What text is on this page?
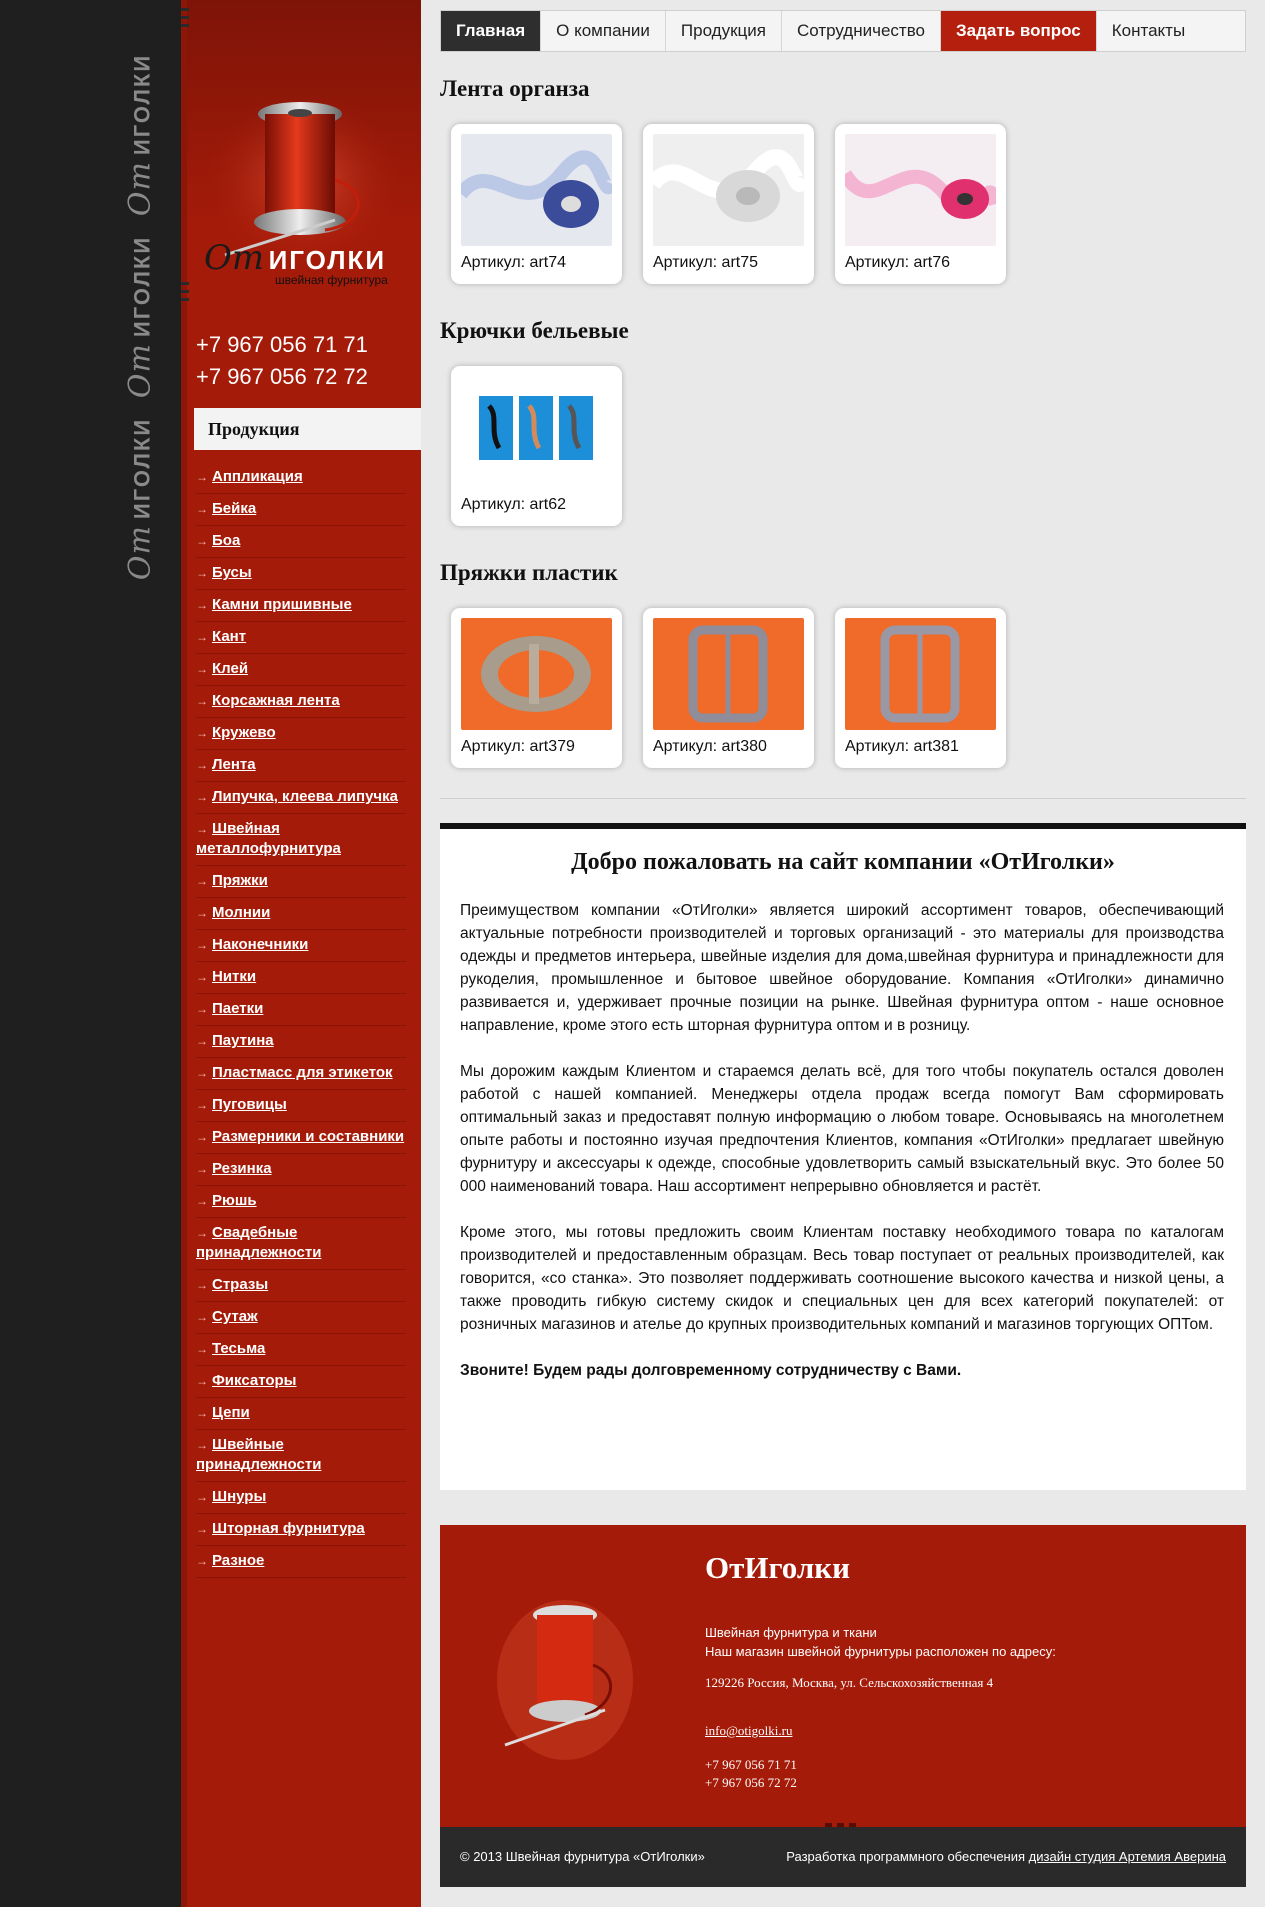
ОтИГОЛКИ
ОтИГОЛКИ
ОтИГОЛКИ
От ИГОЛКИ
швейная фурнитура
+7 967 056 71 71
+7 967 056 72 72
Продукция
→ Аппликация
→ Бейка
→ Боа
→ Бусы
→ Камни пришивные
→ Кант
→ Клей
→ Корсажная лента
→ Кружево
→ Лента
→ Липучка, клеева липучка
→ Швейная металлофурнитура
→ Пряжки
→ Молнии
→ Наконечники
→ Нитки
→ Паетки
→ Паутина
→ Пластмасс для этикеток
→ Пуговицы
→ Размерники и составники
→ Резинка
→ Рюшь
→ Свадебные принадлежности
→ Стразы
→ Сутаж
→ Тесьма
→ Фиксаторы
→ Цепи
→ Швейные принадлежности
→ Шнуры
→ Шторная фурнитура
→ Разное
Главная	О компании	Продукция	Сотрудничество	Задать вопрос	Контакты
Лента органза
Артикул: art74	Артикул: art75	Артикул: art76
Крючки бельевые
Артикул: art62
Пряжки пластик
Артикул: art379	Артикул: art380	Артикул: art381
Добро пожаловать на сайт компании «ОтИголки»

Преимуществом компании «ОтИголки» является широкий ассортимент товаров, обеспечивающий актуальные потребности производителей и торговых организаций - это материалы для производства одежды и предметов интерьера, швейные изделия для дома,швейная фурнитура и принадлежности для рукоделия, промышленное и бытовое швейное оборудование. Компания «ОтИголки» динамично развивается и, удерживает прочные позиции на рынке. Швейная фурнитура оптом - наше основное направление, кроме этого есть шторная фурнитура оптом и в розницу.

Мы дорожим каждым Клиентом и стараемся делать всё, для того чтобы покупатель остался доволен работой с нашей компанией. Менеджеры отдела продаж всегда помогут Вам сформировать оптимальный заказ и предоставят полную информацию о любом товаре. Основываясь на многолетнем опыте работы и постоянно изучая предпочтения Клиентов, компания «ОтИголки» предлагает швейную фурнитуру и аксессуары к одежде, способные удовлетворить самый взыскательный вкус. Это более 50 000 наименований товара. Наш ассортимент непрерывно обновляется и растёт.

Кроме этого, мы готовы предложить своим Клиентам поставку необходимого товара по каталогам производителей и предоставленным образцам. Весь товар поступает от реальных производителей, как говорится, «со станка». Это позволяет поддерживать соотношение высокого качества и низкой цены, а также проводить гибкую систему скидок и специальных цен для всех категорий покупателей: от розничных магазинов и ателье до крупных производительных компаний и магазинов торгующих ОПТом.

Звоните! Будем рады долговременному сотрудничеству с Вами.

ОтИголки
Швейная фурнитура и ткани
Наш магазин швейной фурнитуры расположен по адресу:
129226 Россия, Москва, ул. Сельскохозяйственная 4
info@otigolki.ru
+7 967 056 71 71
+7 967 056 72 72
© 2013 Швейная фурнитура «ОтИголки»	Разработка программного обеспечения дизайн студия Артемия Аверина
